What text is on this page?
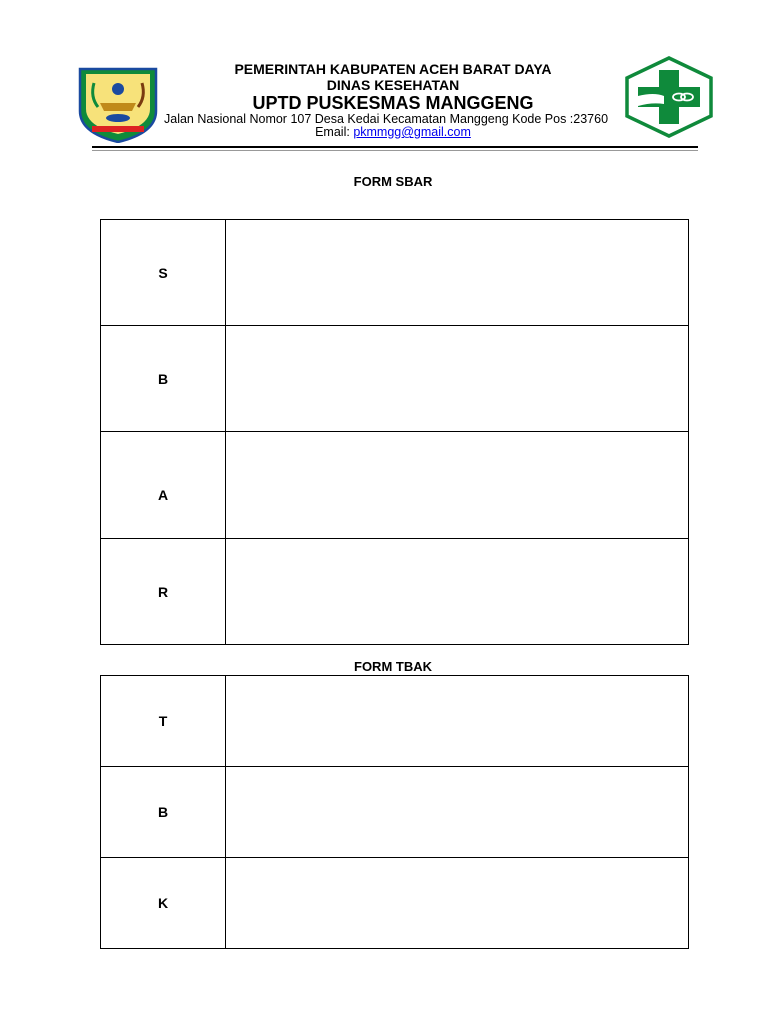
PEMERINTAH KABUPATEN ACEH BARAT DAYA
DINAS KESEHATAN
UPTD PUSKESMAS MANGGENG
Jalan Nasional Nomor 107 Desa Kedai Kecamatan Manggeng Kode Pos :23760
Email: pkmmgg@gmail.com
FORM SBAR
S	
B	
A	
R	
FORM TBAK
T	
B	
K	
